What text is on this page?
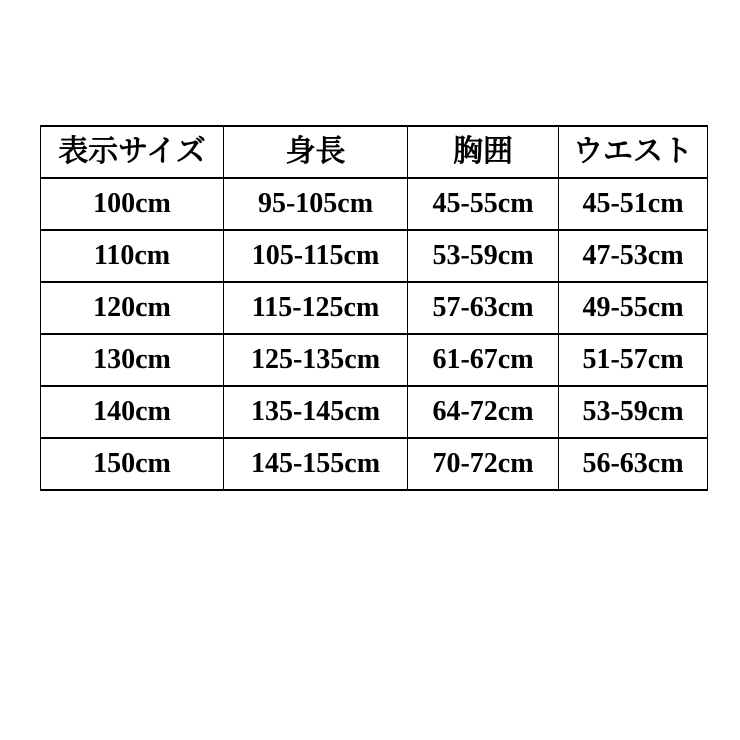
表示サイズ	身長	胸囲	ウエスト
100cm	95-105cm	45-55cm	45-51cm
110cm	105-115cm	53-59cm	47-53cm
120cm	115-125cm	57-63cm	49-55cm
130cm	125-135cm	61-67cm	51-57cm
140cm	135-145cm	64-72cm	53-59cm
150cm	145-155cm	70-72cm	56-63cm
